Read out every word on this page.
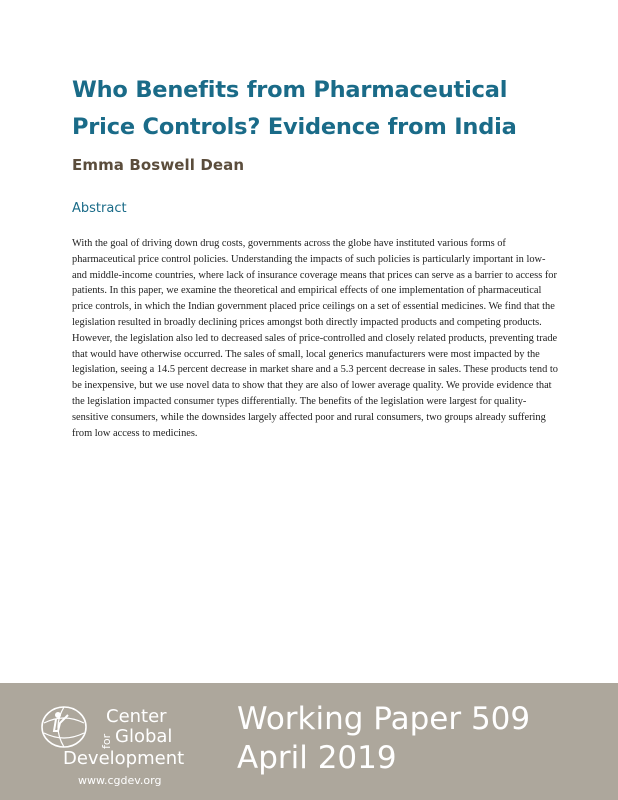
Who Benefits from Pharmaceutical Price Controls? Evidence from India

Emma Boswell Dean

Abstract

With the goal of driving down drug costs, governments across the globe have instituted various forms of pharmaceutical price control policies. Understanding the impacts of such policies is particularly important in low- and middle-income countries, where lack of insurance coverage means that prices can serve as a barrier to access for patients. In this paper, we examine the theoretical and empirical effects of one implementation of pharmaceutical price controls, in which the Indian government placed price ceilings on a set of essential medicines. We find that the legislation resulted in broadly declining prices amongst both directly impacted products and competing products. However, the legislation also led to decreased sales of price-controlled and closely related products, preventing trade that would have otherwise occurred. The sales of small, local generics manufacturers were most impacted by the legislation, seeing a 14.5 percent decrease in market share and a 5.3 percent decrease in sales. These products tend to be inexpensive, but we use novel data to show that they are also of lower average quality. We provide evidence that the legislation impacted consumer types differentially. The benefits of the legislation were largest for quality-sensitive consumers, while the downsides largely affected poor and rural consumers, two groups already suffering from low access to medicines.

Center
for Global
Development
www.cgdev.org
Working Paper 509
April 2019
